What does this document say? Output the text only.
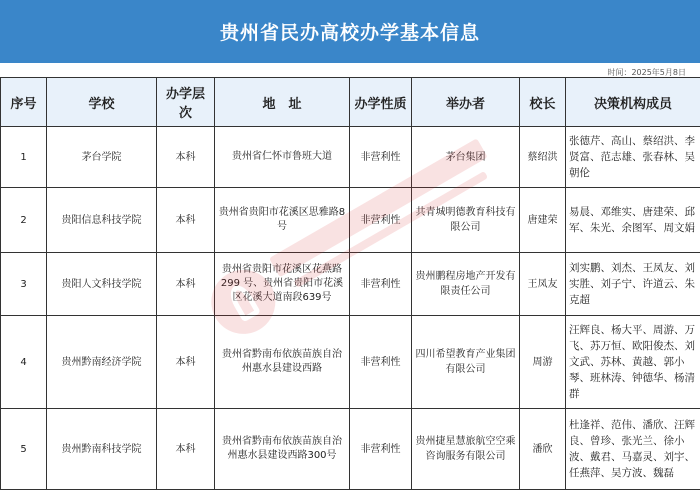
贵州省民办高校办学基本信息
时间：2025年5月8日
序号	学校	办学层次	地　址	办学性质	举办者	校长	决策机构成员
1	茅台学院	本科	贵州省仁怀市鲁班大道	非营利性	茅台集团	蔡绍洪	张德芹、高山、蔡绍洪、李贤富、范志雄、张春林、吴朝伦
2	贵阳信息科技学院	本科	贵州省贵阳市花溪区思雅路8号	非营利性	共青城明德教育科技有限公司	唐建荣	易晨、邓维实、唐建荣、邱军、朱光、余图军、周文娟
3	贵阳人文科技学院	本科	贵州省贵阳市花溪区花燕路 299 号、贵州省贵阳市花溪区花溪大道南段639号	非营利性	贵州鹏程房地产开发有限责任公司	王凤友	刘实鹏、刘杰、王凤友、刘实胜、刘子宁、许道云、朱克超
4	贵州黔南经济学院	本科	贵州省黔南布依族苗族自治州惠水县建设西路	非营利性	四川希望教育产业集团有限公司	周游	汪辉良、杨大平、周游、万飞、苏万恒、欧阳俊杰、刘文武、苏林、黄越、郭小琴、班林涛、钟德华、杨清群
5	贵州黔南科技学院	本科	贵州省黔南布依族苗族自治州惠水县建设西路300号	非营利性	贵州捷星慧旅航空空乘咨询服务有限公司	潘欣	杜逢祥、范伟、潘欣、汪辉良、曾珍、张光兰、徐小波、戴君、马嘉灵、刘宇、任燕萍、吴方波、魏磊
